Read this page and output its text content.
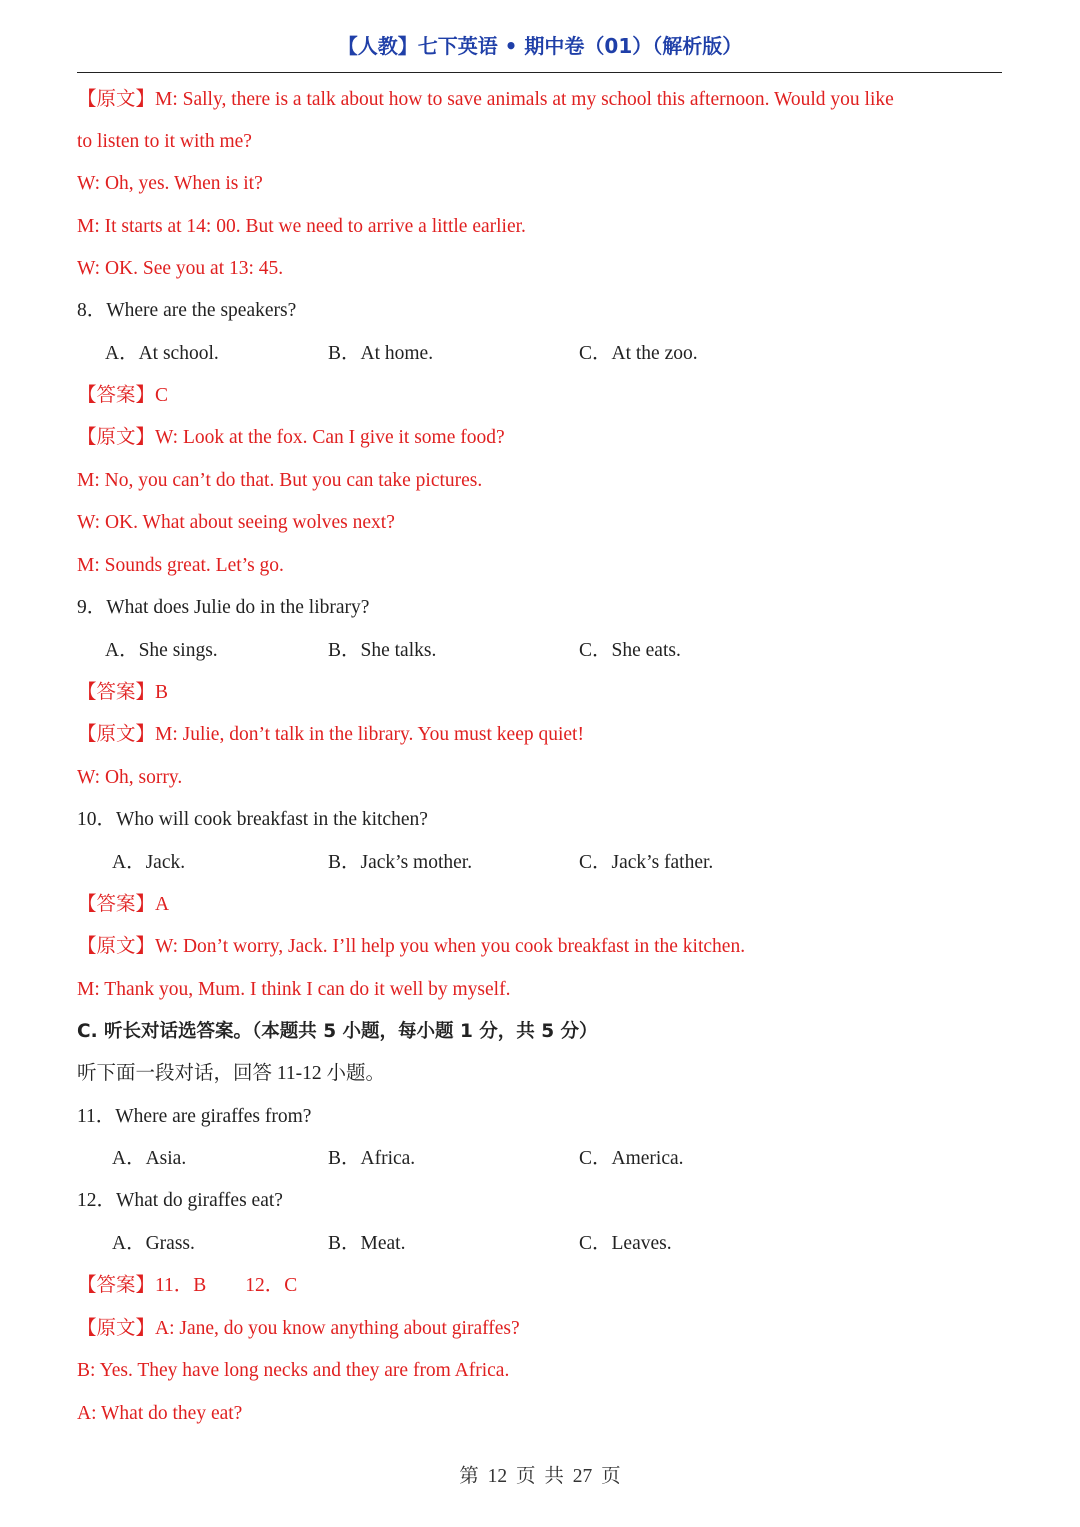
【人教】七下英语 • 期中卷（01）（解析版）
【原文】M: Sally, there is a talk about how to save animals at my school this afternoon. Would you like
to listen to it with me?
W: Oh, yes. When is it?
M: It starts at 14: 00. But we need to arrive a little earlier.
W: OK. See you at 13: 45.
8．Where are the speakers?
A．At school.	B．At home.	C．At the zoo.
【答案】C
【原文】W: Look at the fox. Can I give it some food?
M: No, you can’t do that. But you can take pictures.
W: OK. What about seeing wolves next?
M: Sounds great. Let’s go.
9．What does Julie do in the library?
A．She sings.	B．She talks.	C．She eats.
【答案】B
【原文】M: Julie, don’t talk in the library. You must keep quiet!
W: Oh, sorry.
10．Who will cook breakfast in the kitchen?
A．Jack.	B．Jack’s mother.	C．Jack’s father.
【答案】A
【原文】W: Don’t worry, Jack. I’ll help you when you cook breakfast in the kitchen.
M: Thank you, Mum. I think I can do it well by myself.
C. 听长对话选答案。（本题共 5 小题，每小题 1 分，共 5 分）
听下面一段对话，回答 11-12 小题。
11．Where are giraffes from?
A．Asia.	B．Africa.	C．America.
12．What do giraffes eat?
A．Grass.	B．Meat.	C．Leaves.
【答案】11．B　　12．C
【原文】A: Jane, do you know anything about giraffes?
B: Yes. They have long necks and they are from Africa.
A: What do they eat?
第 12 页 共 27 页
